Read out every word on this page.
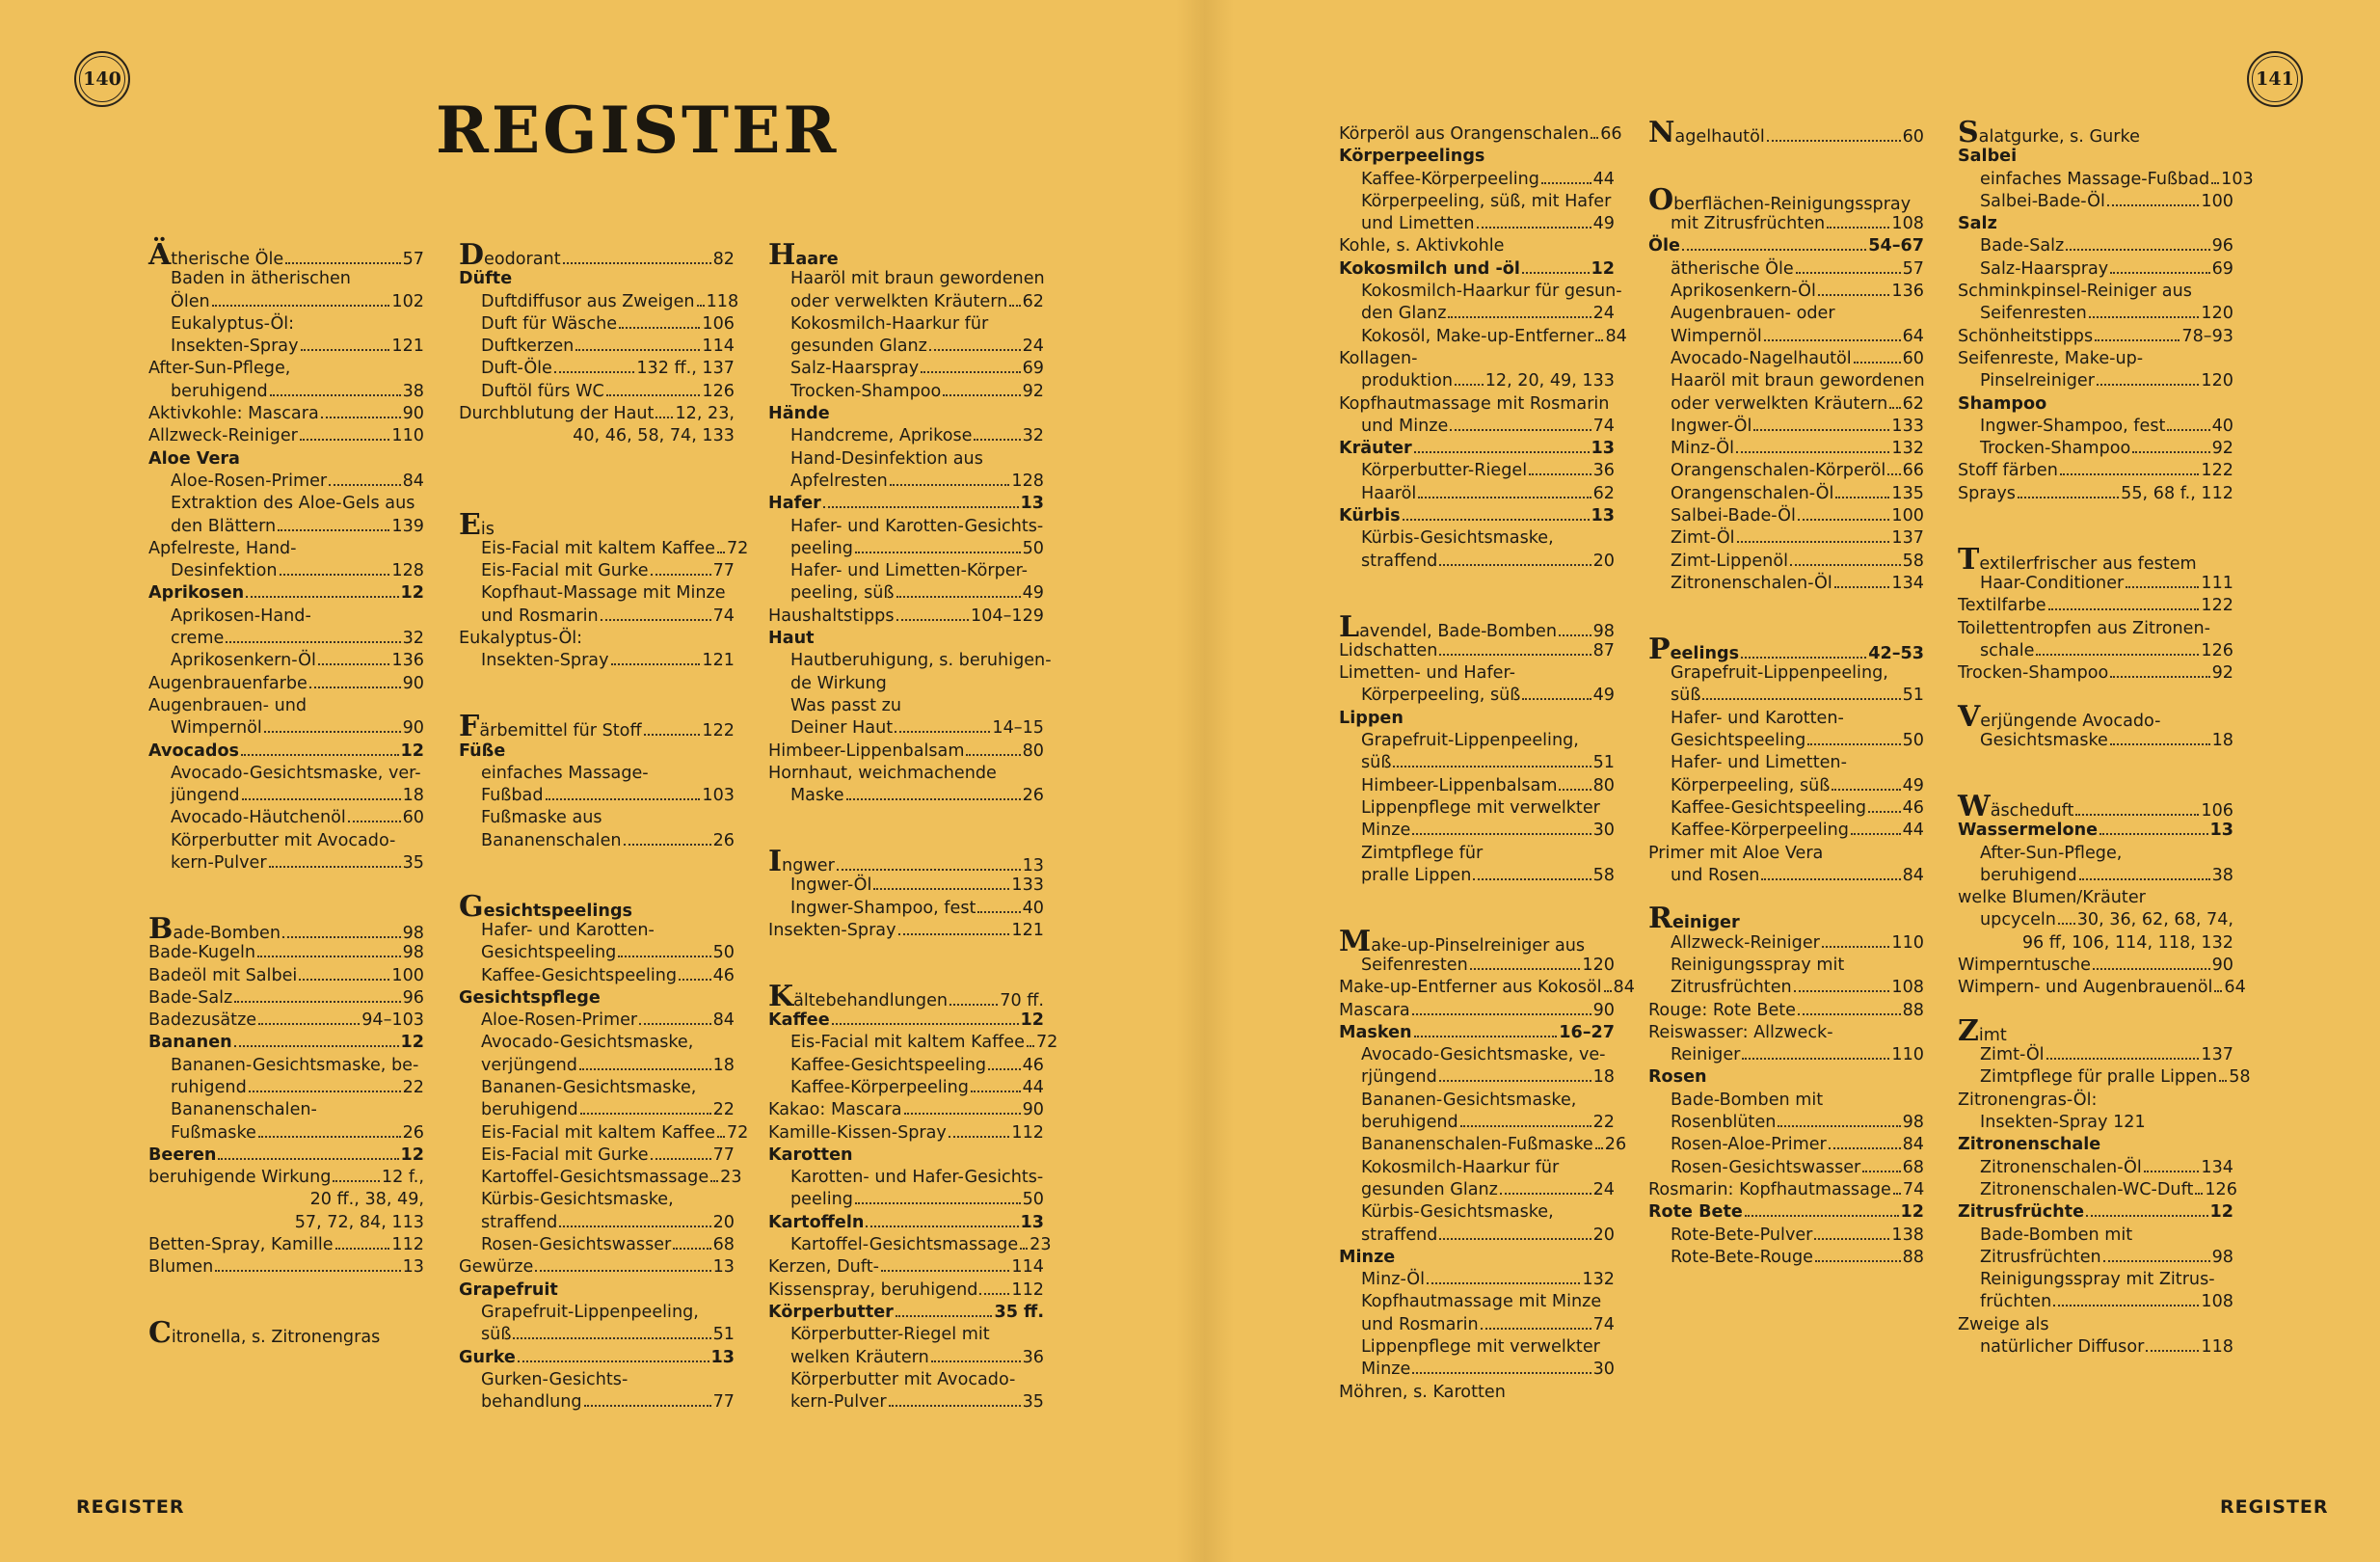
140	141
REGISTER
Ätherische Öle	57
Baden in ätherischen
Ölen	102
Eukalyptus-Öl:
Insekten-Spray	121
After-Sun-Pflege,
beruhigend	38
Aktivkohle: Mascara	90
Allzweck-Reiniger	110
Aloe Vera
Aloe-Rosen-Primer	84
Extraktion des Aloe-Gels aus
den Blättern	139
Apfelreste, Hand-
Desinfektion	128
Aprikosen	12
Aprikosen-Hand-
creme	32
Aprikosenkern-Öl	136
Augenbrauenfarbe	90
Augenbrauen- und
Wimpernöl	90
Avocados	12
Avocado-Gesichtsmaske, ver-
jüngend	18
Avocado-Häutchenöl	60
Körperbutter mit Avocado-
kern-Pulver	35
Bade-Bomben	98
Bade-Kugeln	98
Badeöl mit Salbei	100
Bade-Salz	96
Badezusätze	94–103
Bananen	12
Bananen-Gesichtsmaske, be-
ruhigend	22
Bananenschalen-
Fußmaske	26
Beeren	12
beruhigende Wirkung	12 f.,
20 ff., 38, 49,
57, 72, 84, 113
Betten-Spray, Kamille	112
Blumen	13
Citronella, s. Zitronengras
Deodorant	82
Düfte
Duftdiffusor aus Zweigen 118
Duft für Wäsche	106
Duftkerzen	114
Duft-Öle	132 ff., 137
Duftöl fürs WC	126
Durchblutung der Haut 12, 23,
40, 46, 58, 74, 133
Eis
Eis-Facial mit kaltem Kaffee 72
Eis-Facial mit Gurke	77
Kopfhaut-Massage mit Minze
und Rosmarin	74
Eukalyptus-Öl:
Insekten-Spray	121
Färbemittel für Stoff	122
Füße
einfaches Massage-
Fußbad	103
Fußmaske aus
Bananenschalen	26
Gesichtspeelings
Hafer- und Karotten-
Gesichtspeeling	50
Kaffee-Gesichtspeeling 46
Gesichtspflege
Aloe-Rosen-Primer	84
Avocado-Gesichtsmaske,
verjüngend	18
Bananen-Gesichtsmaske,
beruhigend	22
Eis-Facial mit kaltem Kaffee 72
Eis-Facial mit Gurke	77
Kartoffel-Gesichtsmassage 23
Kürbis-Gesichtsmaske,
straffend	20
Rosen-Gesichtswasser 68
Gewürze	13
Grapefruit
Grapefruit-Lippenpeeling,
süß	51
Gurke	13
Gurken-Gesichts-
behandlung	77
Haare
Haaröl mit braun gewordenen
oder verwelkten Kräutern 62
Kokosmilch-Haarkur für
gesunden Glanz	24
Salz-Haarspray	69
Trocken-Shampoo	92
Hände
Handcreme, Aprikose	32
Hand-Desinfektion aus
Apfelresten	128
Hafer	13
Hafer- und Karotten-Gesichts-
peeling	50
Hafer- und Limetten-Körper-
peeling, süß	49
Haushaltstipps	104–129
Haut
Hautberuhigung, s. beruhigen-
de Wirkung
Was passt zu
Deiner Haut	14–15
Himbeer-Lippenbalsam	80
Hornhaut, weichmachende
Maske	26
Ingwer	13
Ingwer-Öl	133
Ingwer-Shampoo, fest	40
Insekten-Spray	121
Kältebehandlungen	70 ff.
Kaffee	12
Eis-Facial mit kaltem Kaffee 72
Kaffee-Gesichtspeeling 46
Kaffee-Körperpeeling	44
Kakao: Mascara	90
Kamille-Kissen-Spray	112
Karotten
Karotten- und Hafer-Gesichts-
peeling	50
Kartoffeln	13
Kartoffel-Gesichtsmassage 23
Kerzen, Duft-	114
Kissenspray, beruhigend 112
Körperbutter	35 ff.
Körperbutter-Riegel mit
welken Kräutern	36
Körperbutter mit Avocado-
kern-Pulver	35
Körperöl aus Orangenschalen 66
Körperpeelings
Kaffee-Körperpeeling	44
Körperpeeling, süß, mit Hafer
und Limetten	49
Kohle, s. Aktivkohle
Kokosmilch und -öl	12
Kokosmilch-Haarkur für gesun-
den Glanz	24
Kokosöl, Make-up-Entferner 84
Kollagen-
produktion 12, 20, 49, 133
Kopfhautmassage mit Rosmarin
und Minze	74
Kräuter	13
Körperbutter-Riegel	36
Haaröl	62
Kürbis	13
Kürbis-Gesichtsmaske,
straffend	20
Lavendel, Bade-Bomben 98
Lidschatten	87
Limetten- und Hafer-
Körperpeeling, süß	49
Lippen
Grapefruit-Lippenpeeling,
süß	51
Himbeer-Lippenbalsam 80
Lippenpflege mit verwelkter
Minze	30
Zimtpflege für
pralle Lippen	58
Make-up-Pinselreiniger aus
Seifenresten	120
Make-up-Entferner aus Kokosöl 84
Mascara	90
Masken	16–27
Avocado-Gesichtsmaske, ve-
rjüngend	18
Bananen-Gesichtsmaske,
beruhigend	22
Bananenschalen-Fußmaske 26
Kokosmilch-Haarkur für
gesunden Glanz	24
Kürbis-Gesichtsmaske,
straffend	20
Minze
Minz-Öl	132
Kopfhautmassage mit Minze
und Rosmarin	74
Lippenpflege mit verwelkter
Minze	30
Möhren, s. Karotten
Nagelhautöl	60
Oberflächen-Reinigungsspray
mit Zitrusfrüchten	108
Öle	54–67
ätherische Öle	57
Aprikosenkern-Öl	136
Augenbrauen- oder
Wimpernöl	64
Avocado-Nagelhautöl	60
Haaröl mit braun gewordenen
oder verwelkten Kräutern 62
Ingwer-Öl	133
Minz-Öl	132
Orangenschalen-Körperöl 66
Orangenschalen-Öl	135
Salbei-Bade-Öl	100
Zimt-Öl	137
Zimt-Lippenöl	58
Zitronenschalen-Öl	134
Peelings	42–53
Grapefruit-Lippenpeeling,
süß	51
Hafer- und Karotten-
Gesichtspeeling	50
Hafer- und Limetten-
Körperpeeling, süß	49
Kaffee-Gesichtspeeling 46
Kaffee-Körperpeeling	44
Primer mit Aloe Vera
und Rosen	84
Reiniger
Allzweck-Reiniger	110
Reinigungsspray mit
Zitrusfrüchten	108
Rouge: Rote Bete	88
Reiswasser: Allzweck-
Reiniger	110
Rosen
Bade-Bomben mit
Rosenblüten	98
Rosen-Aloe-Primer	84
Rosen-Gesichtswasser 68
Rosmarin: Kopfhautmassage 74
Rote Bete	12
Rote-Bete-Pulver	138
Rote-Bete-Rouge	88
Salatgurke, s. Gurke
Salbei
einfaches Massage-Fußbad 103
Salbei-Bade-Öl	100
Salz
Bade-Salz	96
Salz-Haarspray	69
Schminkpinsel-Reiniger aus
Seifenresten	120
Schönheitstipps	78–93
Seifenreste, Make-up-
Pinselreiniger	120
Shampoo
Ingwer-Shampoo, fest	40
Trocken-Shampoo	92
Stoff färben	122
Sprays	55, 68 f., 112
Textilerfrischer aus festem
Haar-Conditioner	111
Textilfarbe	122
Toilettentropfen aus Zitronen-
schale	126
Trocken-Shampoo	92
Verjüngende Avocado-
Gesichtsmaske	18
Wäscheduft	106
Wassermelone	13
After-Sun-Pflege,
beruhigend	38
welke Blumen/Kräuter
upcyceln 30, 36, 62, 68, 74,
96 ff, 106, 114, 118, 132
Wimperntusche	90
Wimpern- und Augenbrauenöl 64
Zimt
Zimt-Öl	137
Zimtpflege für pralle Lippen 58
Zitronengras-Öl:
Insekten-Spray 121
Zitronenschale
Zitronenschalen-Öl	134
Zitronenschalen-WC-Duft 126
Zitrusfrüchte	12
Bade-Bomben mit
Zitrusfrüchten	98
Reinigungsspray mit Zitrus-
früchten	108
Zweige als
natürlicher Diffusor	118
REGISTER	REGISTER
